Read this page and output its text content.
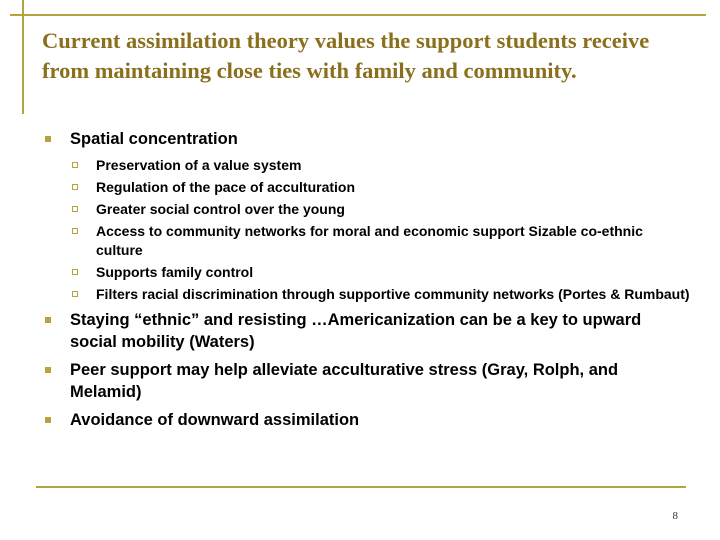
Current assimilation theory values the support students receive from maintaining close ties with family and community.
Spatial concentration
Preservation of a value system
Regulation of the pace of acculturation
Greater social control over the young
Access to community networks for moral and economic support Sizable co-ethnic culture
Supports family control
Filters racial discrimination through supportive community networks (Portes & Rumbaut)
Staying “ethnic” and resisting …Americanization can be a key to upward social mobility (Waters)
Peer support may help alleviate acculturative stress (Gray, Rolph, and Melamid)
Avoidance of downward assimilation
8
